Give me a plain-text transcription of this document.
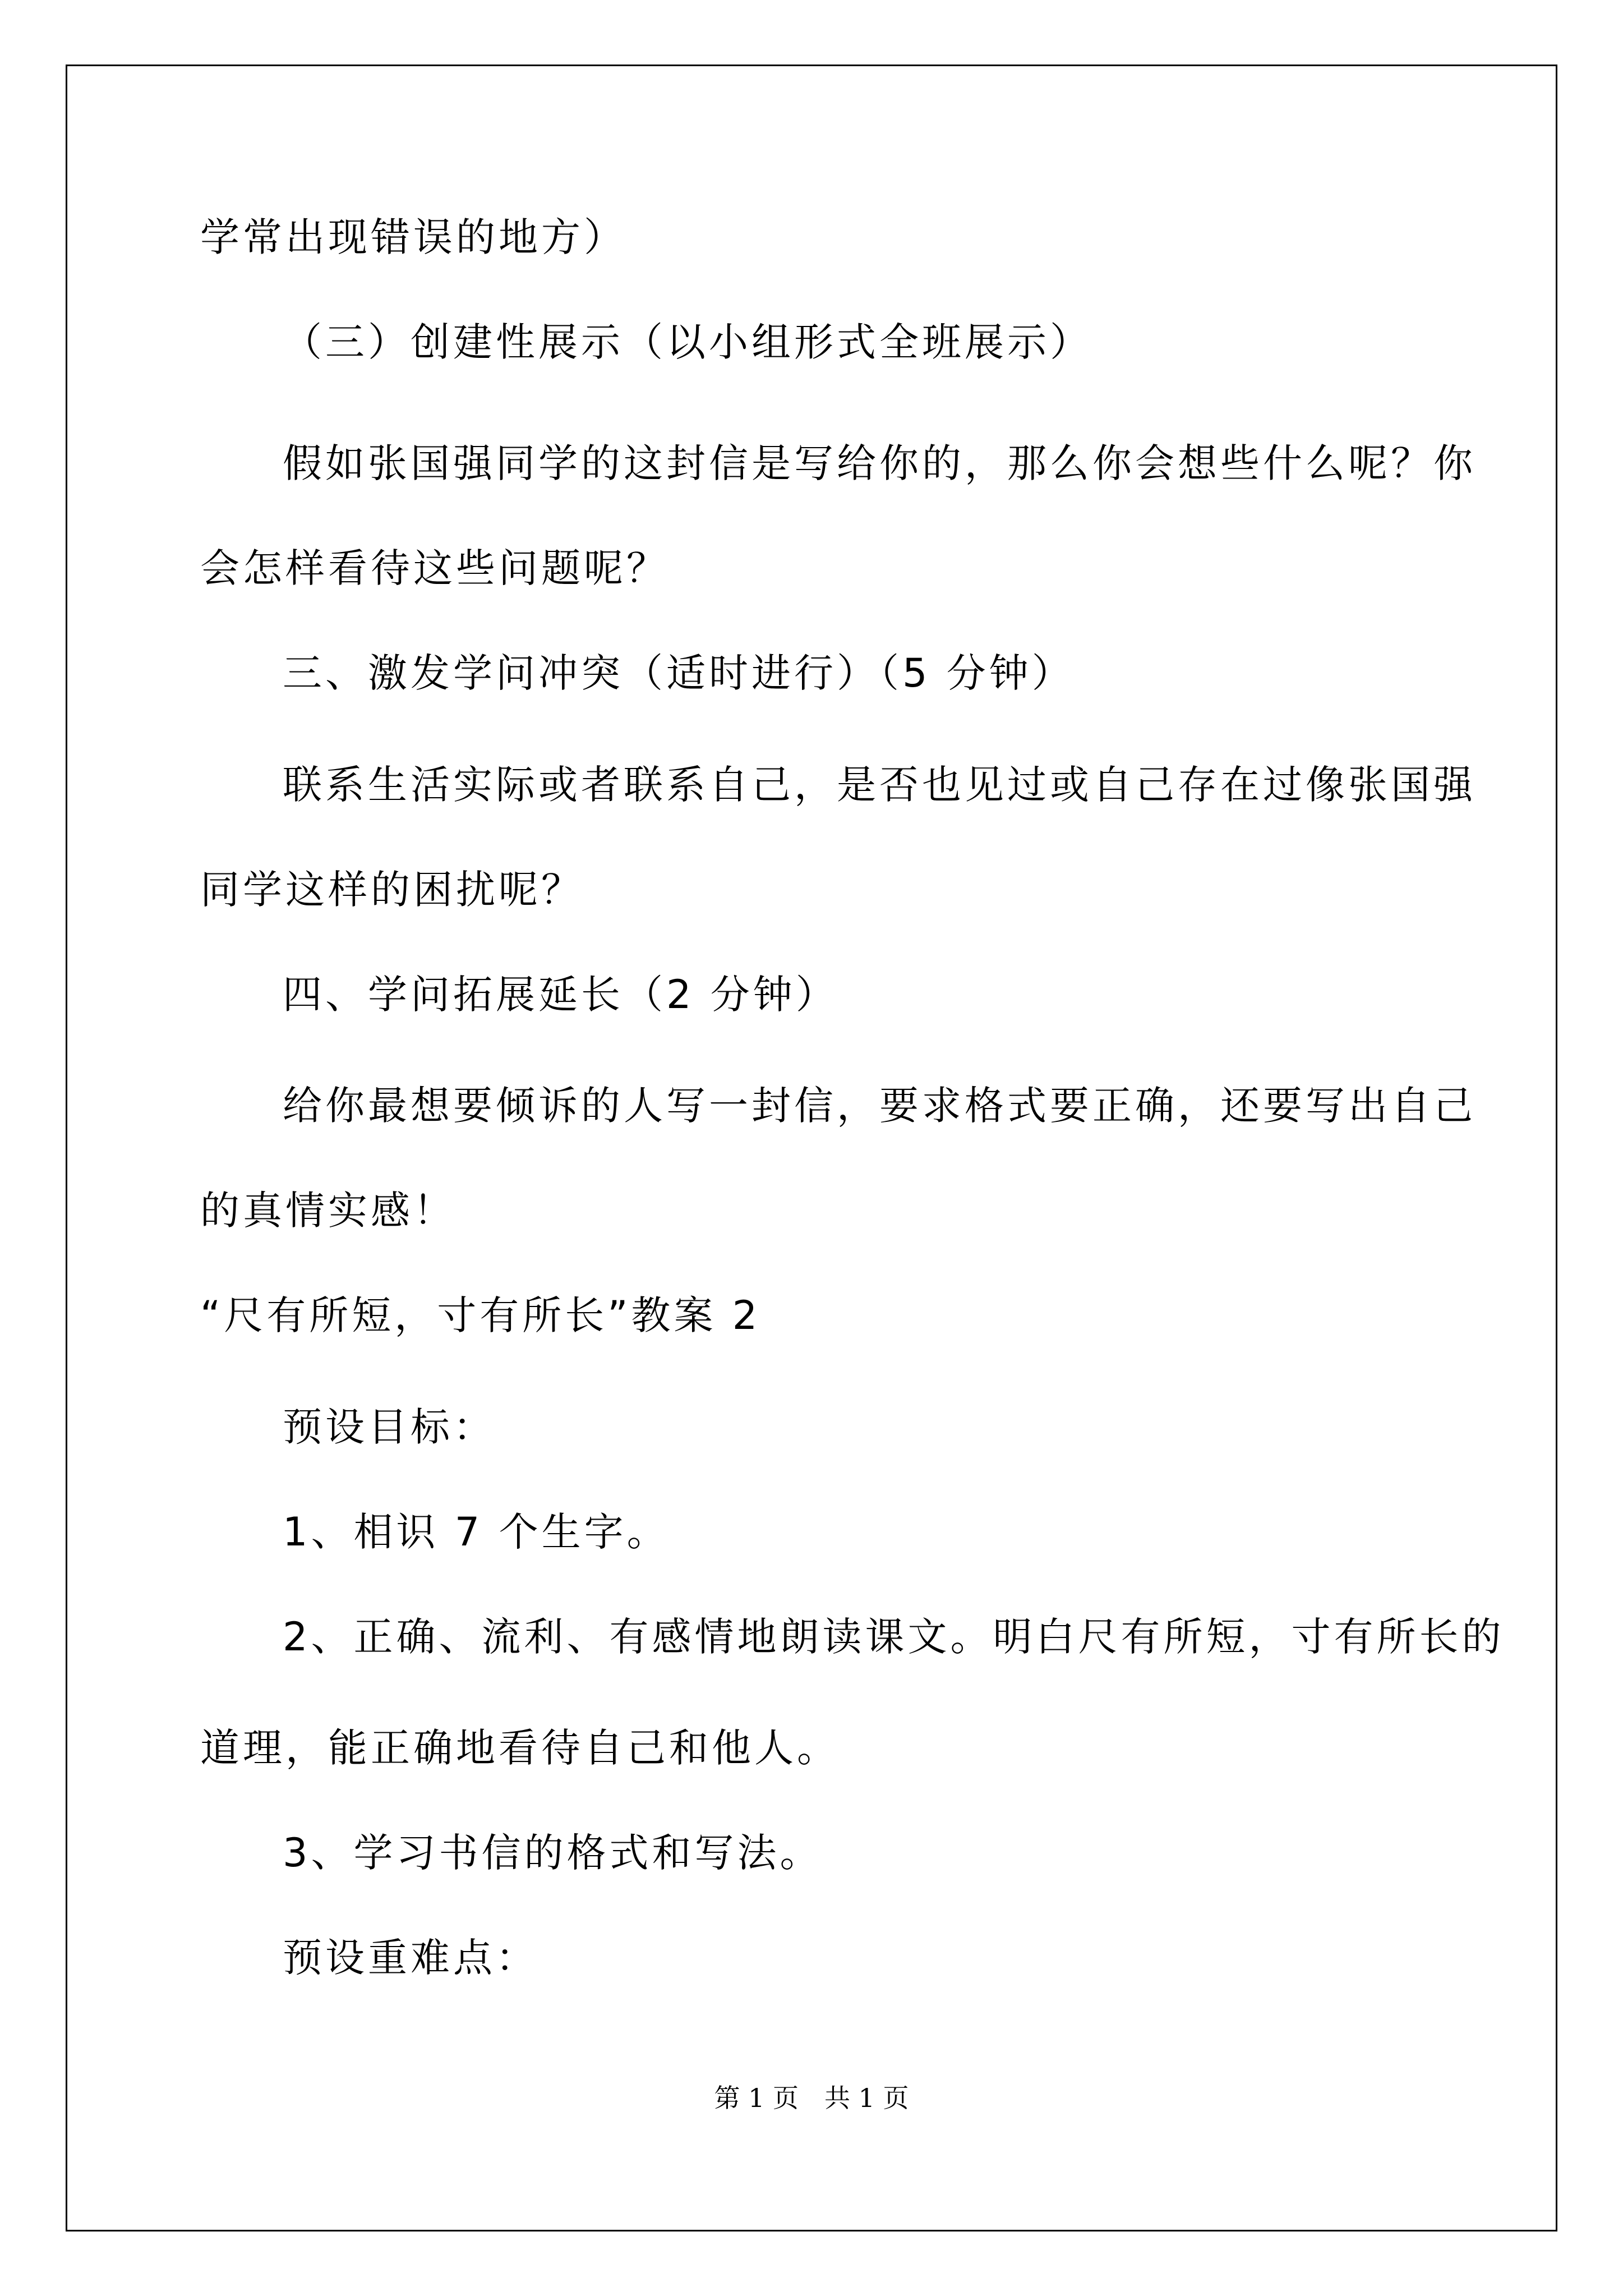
学常出现错误的地方）

（三）创建性展示（以小组形式全班展示）

假如张国强同学的这封信是写给你的，那么你会想些什么呢？你

会怎样看待这些问题呢？

三、激发学问冲突（适时进行）（5 分钟）

联系生活实际或者联系自己，是否也见过或自己存在过像张国强

同学这样的困扰呢？

四、学问拓展延长（2 分钟）

给你最想要倾诉的人写一封信，要求格式要正确，还要写出自己

的真情实感！

“尺有所短，寸有所长”教案 2

预设目标：

1、相识 7 个生字。

2、正确、流利、有感情地朗读课文。明白尺有所短，寸有所长的

道理，能正确地看待自己和他人。

3、学习书信的格式和写法。

预设重难点：

第 1 页　共 1 页
